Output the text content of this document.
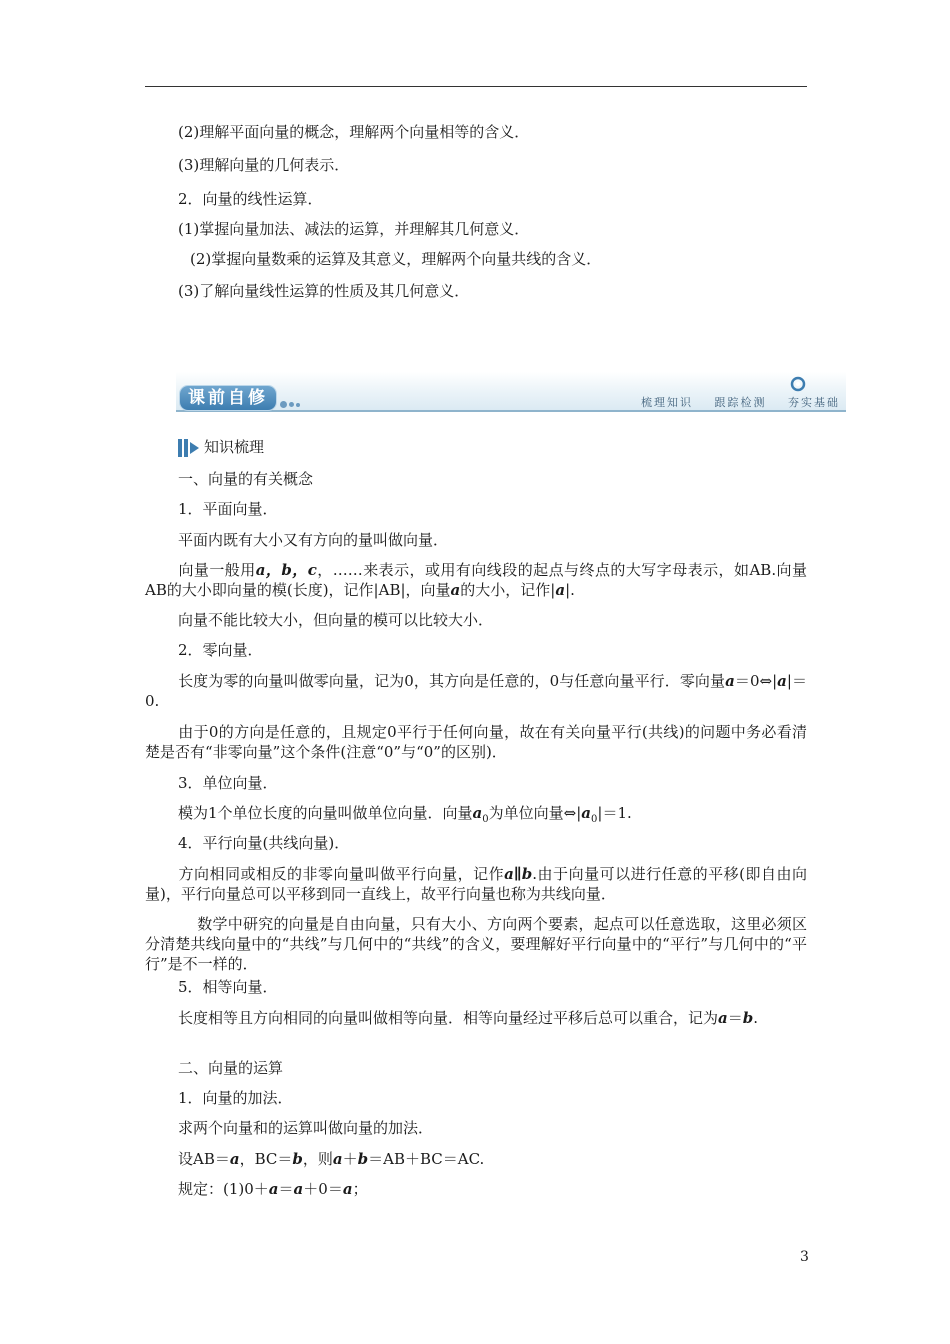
(2)理解平面向量的概念，理解两个向量相等的含义．
(3)理解向量的几何表示．
2．向量的线性运算．
(1)掌握向量加法、减法的运算，并理解其几何意义．
(2)掌握向量数乘的运算及其意义，理解两个向量共线的含义．
(3)了解向量线性运算的性质及其几何意义．
课前自修	梳理知识 跟踪检测 夯实基础
知识梳理
一、向量的有关概念
1．平面向量．
平面内既有大小又有方向的量叫做向量．
向量一般用a，b，c，……来表示，或用有向线段的起点与终点的大写字母表示，如AB.向量AB的大小即向量的模(长度)，记作|AB|，向量a的大小，记作|a|.
向量不能比较大小，但向量的模可以比较大小．
2．零向量．
长度为零的向量叫做零向量，记为0，其方向是任意的，0与任意向量平行．零向量a＝0⇔|a|＝0.
由于0的方向是任意的，且规定0平行于任何向量，故在有关向量平行(共线)的问题中务必看清楚是否有“非零向量”这个条件(注意“0”与“0”的区别)．
3．单位向量．
模为1个单位长度的向量叫做单位向量．向量$a_0$为单位向量$\Leftrightarrow|a_0|=1$.
4．平行向量(共线向量)．
方向相同或相反的非零向量叫做平行向量，记作a∥b.由于向量可以进行任意的平移(即自由向量)，平行向量总可以平移到同一直线上，故平行向量也称为共线向量．
数学中研究的向量是自由向量，只有大小、方向两个要素，起点可以任意选取，这里必须区分清楚共线向量中的“共线”与几何中的“共线”的含义，要理解好平行向量中的“平行”与几何中的“平行”是不一样的．
5．相等向量．
长度相等且方向相同的向量叫做相等向量．相等向量经过平移后总可以重合，记为a＝b.
二、向量的运算
1．向量的加法．
求两个向量和的运算叫做向量的加法．
设AB＝a，BC＝b，则a＋b＝AB＋BC＝AC.
规定：(1)0＋a＝a＋0＝a；
3
